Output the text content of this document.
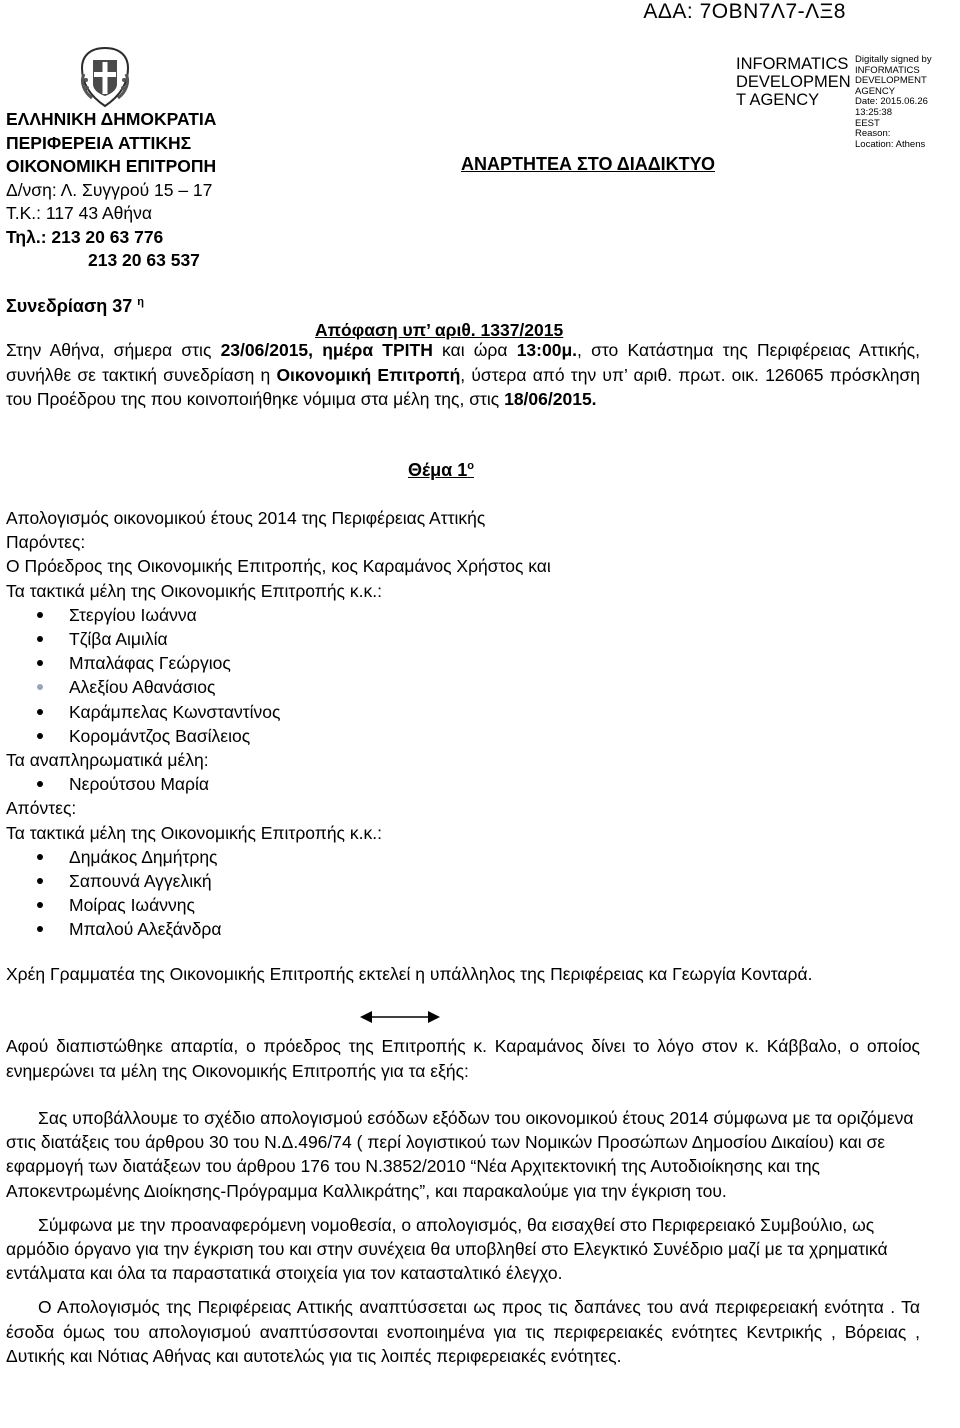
ΑΔΑ: 7ΟΒΝ7Λ7-ΛΞ8
ΕΛΛΗΝΙΚΗ ΔΗΜΟΚΡΑΤΙΑ
ΠΕΡΙΦΕΡΕΙΑ ΑΤΤΙΚΗΣ
ΟΙΚΟΝΟΜΙΚΗ ΕΠΙΤΡΟΠΗ
Δ/νση: Λ. Συγγρού 15 – 17
Τ.Κ.: 117 43 Αθήνα
Τηλ.: 213 20 63 776
213 20 63 537
ΑΝΑΡΤΗΤΕΑ ΣΤΟ ΔΙΑΔΙΚΤΥΟ
INFORMATICS
DEVELOPMEN
T AGENCY
Digitally signed by
INFORMATICS
DEVELOPMENT AGENCY
Date: 2015.06.26 13:25:38
EEST
Reason:
Location: Athens
Συνεδρίαση 37 $^\eta$
Απόφαση υπ’ αριθ. 1337/2015
Στην Αθήνα, σήμερα στις 23/06/2015, ημέρα ΤΡΙΤΗ και ώρα 13:00μ., στο Κατάστημα της Περιφέρειας Αττικής, συνήλθε σε τακτική συνεδρίαση η Οικονομική Επιτροπή, ύστερα από την υπ’ αριθ. πρωτ. οικ. 126065 πρόσκληση του Προέδρου της που κοινοποιήθηκε νόμιμα στα μέλη της, στις 18/06/2015.
Θέμα $1^o$
Απολογισμός οικονομικού έτους 2014 της Περιφέρειας Αττικής
Παρόντες:
Ο Πρόεδρος της Οικονομικής Επιτροπής, κος Καραμάνος Χρήστος και
Τα τακτικά μέλη της Οικονομικής Επιτροπής κ.κ.:
Στεργίου Ιωάννα
Τζίβα Αιμιλία
Μπαλάφας Γεώργιος
Αλεξίου Αθανάσιος
Καράμπελας Κωνσταντίνος
Κορομάντζος Βασίλειος
Τα αναπληρωματικά μέλη:
Νερούτσου Μαρία
Απόντες:
Τα τακτικά μέλη της Οικονομικής Επιτροπής κ.κ.:
Δημάκος Δημήτρης
Σαπουνά Αγγελική
Μοίρας Ιωάννης
Μπαλού Αλεξάνδρα
Χρέη Γραμματέα της Οικονομικής Επιτροπής εκτελεί η υπάλληλος της Περιφέρειας κα Γεωργία Κονταρά.
Αφού διαπιστώθηκε απαρτία, ο πρόεδρος της Επιτροπής κ. Καραμάνος δίνει το λόγο στον κ. Κάββαλο, ο οποίος ενημερώνει τα μέλη της Οικονομικής Επιτροπής για τα εξής:

Σας υποβάλλουμε το σχέδιο απολογισμού εσόδων εξόδων του οικονομικού έτους 2014 σύμφωνα με τα οριζόμενα στις διατάξεις του άρθρου 30 του Ν.Δ.496/74 ( περί λογιστικού των Νομικών Προσώπων Δημοσίου Δικαίου) και σε εφαρμογή των διατάξεων του άρθρου 176 του Ν.3852/2010 “Νέα Αρχιτεκτονική της Αυτοδιοίκησης και της Αποκεντρωμένης Διοίκησης-Πρόγραμμα Καλλικράτης”, και παρακαλούμε για την έγκριση του.

Σύμφωνα με την προαναφερόμενη νομοθεσία, ο απολογισμός, θα εισαχθεί στο Περιφερειακό Συμβούλιο, ως αρμόδιο όργανο για την έγκριση του και στην συνέχεια θα υποβληθεί στο Ελεγκτικό Συνέδριο μαζί με τα χρηματικά εντάλματα και όλα τα παραστατικά στοιχεία για τον κατασταλτικό έλεγχο.

Ο Απολογισμός της Περιφέρειας Αττικής αναπτύσσεται ως προς τις δαπάνες του ανά περιφερειακή ενότητα . Τα έσοδα όμως του απολογισμού αναπτύσσονται ενοποιημένα για τις περιφερειακές ενότητες Κεντρικής , Βόρειας , Δυτικής και Νότιας Αθήνας και αυτοτελώς για τις λοιπές περιφερειακές ενότητες.
